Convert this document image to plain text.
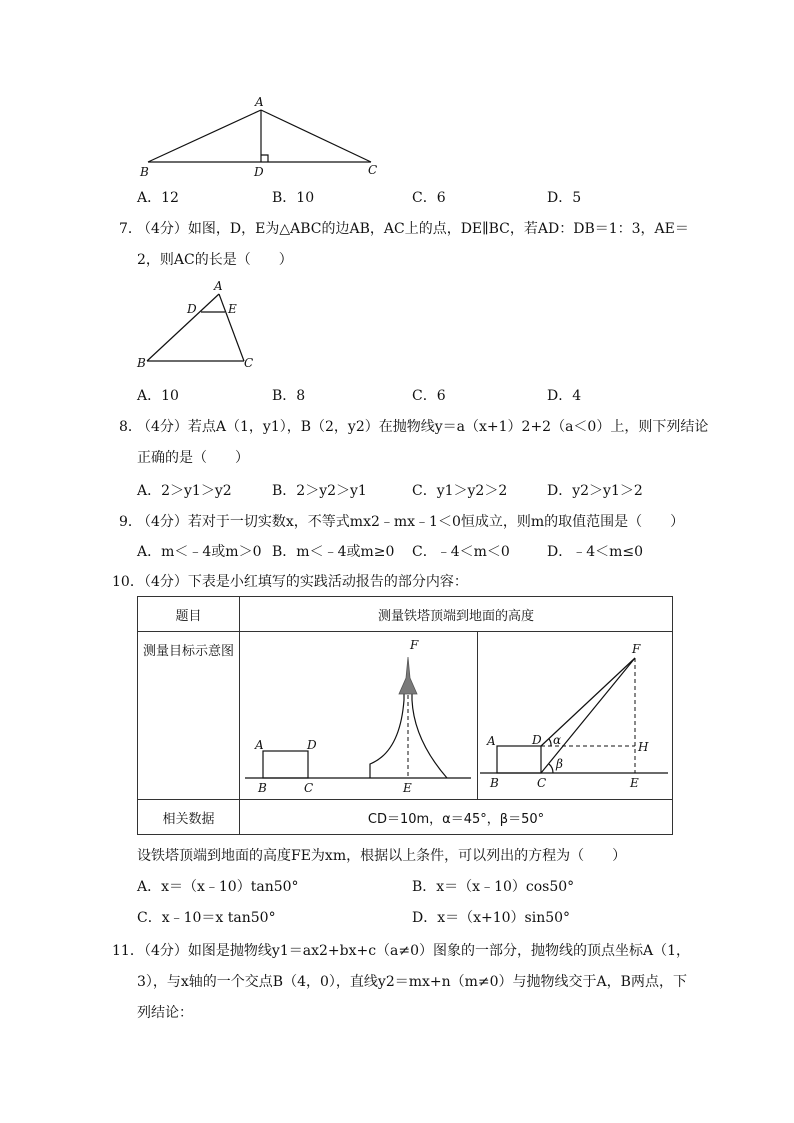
A
B	D	C
A．12	B．10	C．6	D．5
7．
（4分）如图，D，E为△ABC的边AB，AC上的点，DE∥BC，若AD：DB＝1：3，AE＝
2，则AC的长是（　　）
A
D	E
B	C
A．10	B．8	C．6	D．4
8．
（4分）若点A（1，y1），B（2，y2）在抛物线y＝a（x+1）2+2（a＜0）上，则下列结论
正确的是（　　）
A．2＞y1＞y2	B．2＞y2＞y1	C．y1＞y2＞2	D．y2＞y1＞2
9．
（4分）若对于一切实数x，不等式mx2﹣mx﹣1＜0恒成立，则m的取值范围是（　　）
A．m＜﹣4或m＞0 B．m＜﹣4或m≥0 C．﹣4＜m＜0	D．﹣4＜m≤0
10．
（4分）下表是小红填写的实践活动报告的部分内容：
题目	测量铁塔顶端到地面的高度	
测量目标示意图		
相关数据	CD＝10m，α＝45°，β＝50°	
F
A	D
B	C	E
F
A	D α	H
β
B	C	E
设铁塔顶端到地面的高度FE为xm，根据以上条件，可以列出的方程为（　　）
A．x＝（x﹣10）tan50°	B．x＝（x﹣10）cos50°
C．x﹣10＝x tan50°	D．x＝（x+10）sin50°
11．
（4分）如图是抛物线y1＝ax2+bx+c（a≠0）图象的一部分，抛物线的顶点坐标A（1，
3），与x轴的一个交点B（4，0），直线y2＝mx+n（m≠0）与抛物线交于A，B两点，下
列结论：
